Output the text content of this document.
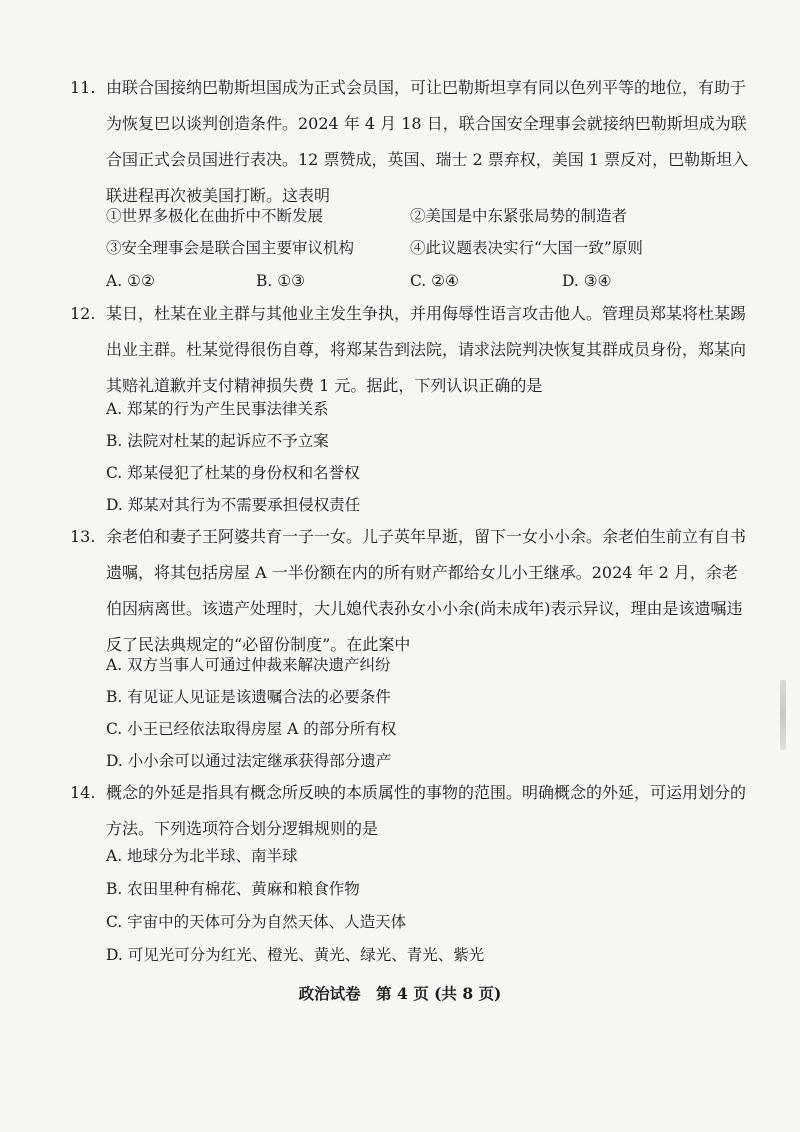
11. 由联合国接纳巴勒斯坦国成为正式会员国，可让巴勒斯坦享有同以色列平等的地位，有助于为恢复巴以谈判创造条件。2024 年 4 月 18 日，联合国安全理事会就接纳巴勒斯坦成为联合国正式会员国进行表决。12 票赞成，英国、瑞士 2 票弃权，美国 1 票反对，巴勒斯坦入联进程再次被美国打断。这表明

①世界多极化在曲折中不断发展	②美国是中东紧张局势的制造者
③安全理事会是联合国主要审议机构	④此议题表决实行“大国一致”原则
A. ①②	B. ①③	C. ②④	D. ③④

12. 某日，杜某在业主群与其他业主发生争执，并用侮辱性语言攻击他人。管理员郑某将杜某踢出业主群。杜某觉得很伤自尊，将郑某告到法院，请求法院判决恢复其群成员身份，郑某向其赔礼道歉并支付精神损失费 1 元。据此，下列认识正确的是

A. 郑某的行为产生民事法律关系
B. 法院对杜某的起诉应不予立案
C. 郑某侵犯了杜某的身份权和名誉权
D. 郑某对其行为不需要承担侵权责任

13. 余老伯和妻子王阿婆共育一子一女。儿子英年早逝，留下一女小小余。余老伯生前立有自书遗嘱，将其包括房屋 A 一半份额在内的所有财产都给女儿小王继承。2024 年 2 月，余老伯因病离世。该遗产处理时，大儿媳代表孙女小小余(尚未成年)表示异议，理由是该遗嘱违反了民法典规定的“必留份制度”。在此案中

A. 双方当事人可通过仲裁来解决遗产纠纷
B. 有见证人见证是该遗嘱合法的必要条件
C. 小王已经依法取得房屋 A 的部分所有权
D. 小小余可以通过法定继承获得部分遗产

14. 概念的外延是指具有概念所反映的本质属性的事物的范围。明确概念的外延，可运用划分的方法。下列选项符合划分逻辑规则的是

A. 地球分为北半球、南半球
B. 农田里种有棉花、黄麻和粮食作物
C. 宇宙中的天体可分为自然天体、人造天体
D. 可见光可分为红光、橙光、黄光、绿光、青光、紫光
政治试卷　第 4 页 (共 8 页)
